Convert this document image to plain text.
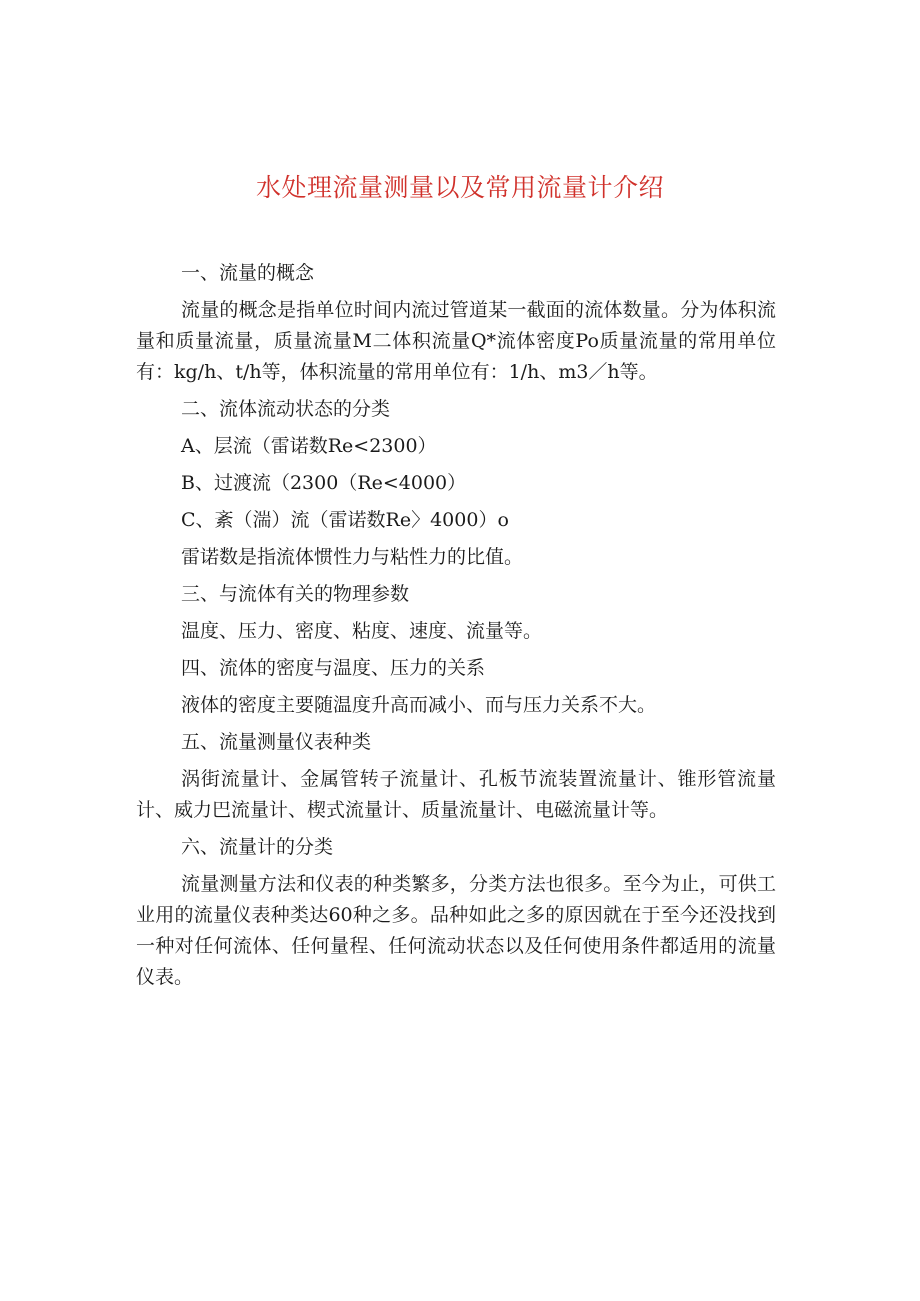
水处理流量测量以及常用流量计介绍

一、流量的概念

流量的概念是指单位时间内流过管道某一截面的流体数量。分为体积流量和质量流量，质量流量M二体积流量Q*流体密度Po质量流量的常用单位有：kg/h、t/h等，体积流量的常用单位有：1/h、m3／h等。

二、流体流动状态的分类

A、层流（雷诺数Re<2300）

B、过渡流（2300（Re<4000）

C、紊（湍）流（雷诺数Re〉4000）o

雷诺数是指流体惯性力与粘性力的比值。

三、与流体有关的物理参数

温度、压力、密度、粘度、速度、流量等。

四、流体的密度与温度、压力的关系

液体的密度主要随温度升高而减小、而与压力关系不大。

五、流量测量仪表种类

涡街流量计、金属管转子流量计、孔板节流装置流量计、锥形管流量计、威力巴流量计、楔式流量计、质量流量计、电磁流量计等。

六、流量计的分类

流量测量方法和仪表的种类繁多，分类方法也很多。至今为止，可供工业用的流量仪表种类达60种之多。品种如此之多的原因就在于至今还没找到一种对任何流体、任何量程、任何流动状态以及任何使用条件都适用的流量仪表。
